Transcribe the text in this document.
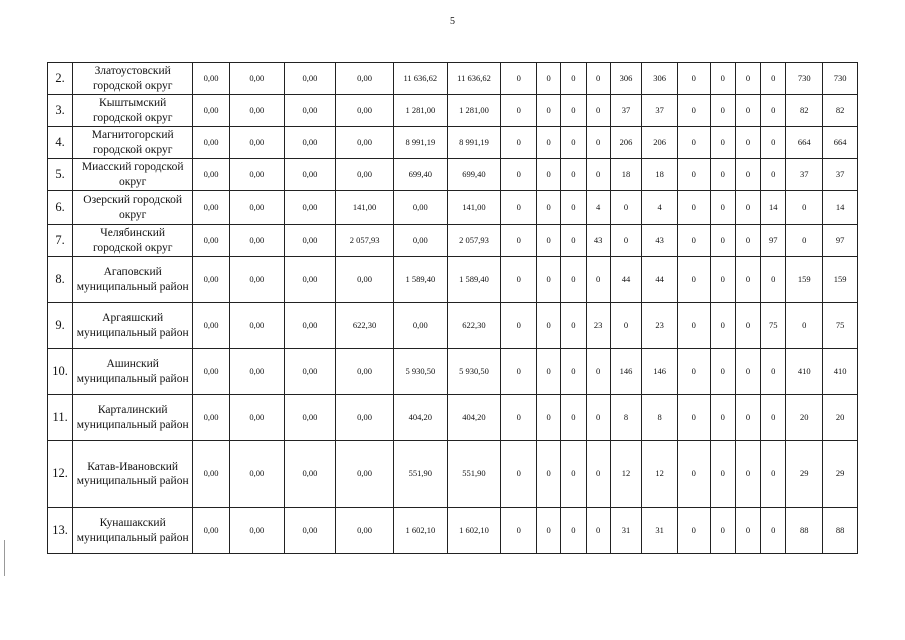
5
2.	Златоустовский городской округ	0,00	0,00	0,00	0,00	11 636,62	11 636,62	0	0	0	0	306	306	0	0	0	0	730	730
3.	Кыштымский городской округ	0,00	0,00	0,00	0,00	1 281,00	1 281,00	0	0	0	0	37	37	0	0	0	0	82	82
4.	Магнитогорский городской округ	0,00	0,00	0,00	0,00	8 991,19	8 991,19	0	0	0	0	206	206	0	0	0	0	664	664
5.	Миасский городской округ	0,00	0,00	0,00	0,00	699,40	699,40	0	0	0	0	18	18	0	0	0	0	37	37
6.	Озерский городской округ	0,00	0,00	0,00	141,00	0,00	141,00	0	0	0	4	0	4	0	0	0	14	0	14
7.	Челябинский городской округ	0,00	0,00	0,00	2 057,93	0,00	2 057,93	0	0	0	43	0	43	0	0	0	97	0	97
8.	Агаповский муниципальный район	0,00	0,00	0,00	0,00	1 589,40	1 589,40	0	0	0	0	44	44	0	0	0	0	159	159
9.	Аргаяшский муниципальный район	0,00	0,00	0,00	622,30	0,00	622,30	0	0	0	23	0	23	0	0	0	75	0	75
10.	Ашинский муниципальный район	0,00	0,00	0,00	0,00	5 930,50	5 930,50	0	0	0	0	146	146	0	0	0	0	410	410
11.	Карталинский муниципальный район	0,00	0,00	0,00	0,00	404,20	404,20	0	0	0	0	8	8	0	0	0	0	20	20
12.	Катав-Ивановский муниципальный район	0,00	0,00	0,00	0,00	551,90	551,90	0	0	0	0	12	12	0	0	0	0	29	29
13.	Кунашакский муниципальный район	0,00	0,00	0,00	0,00	1 602,10	1 602,10	0	0	0	0	31	31	0	0	0	0	88	88
